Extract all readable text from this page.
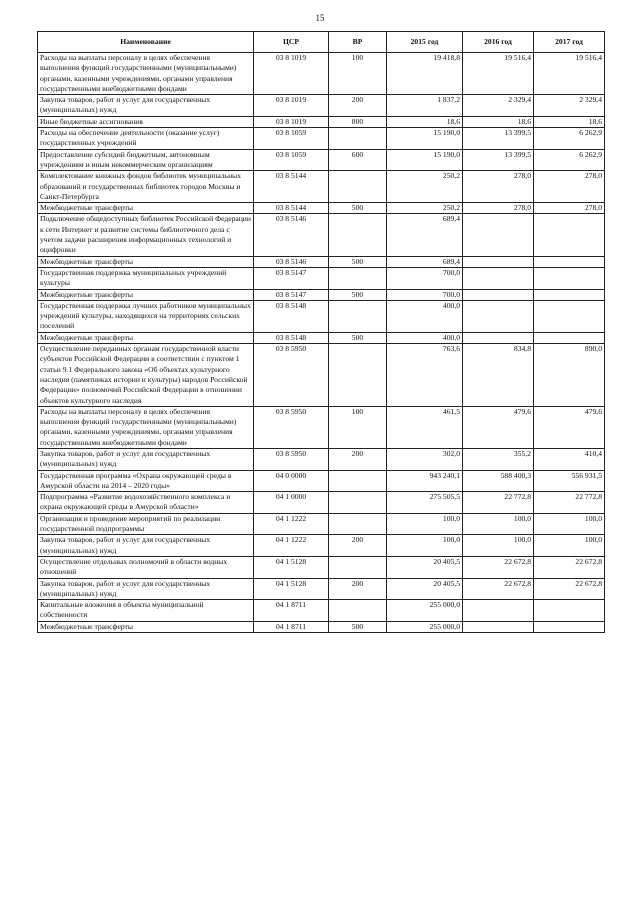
15
Наименование	ЦСР	ВР	2015 год	2016 год	2017 год
Расходы на выплаты персоналу в целях обеспечения выполнения функций государственными (муниципальными) органами, казенными учреждениями, органами управления государственными внебюджетными фондами	03 8 1019	100	19 418,8	19 516,4	19 516,4
Закупка товаров, работ и услуг для государственных (муниципальных) нужд	03 8 1019	200	1 837,2	2 329,4	2 329,4
Иные бюджетные ассигнования	03 8 1019	800	18,6	18,6	18,6
Расходы на обеспечение деятельности (оказание услуг) государственных учреждений	03 8 1059		15 190,0	13 399,5	6 262,9
Предоставление субсидий бюджетным, автономным учреждениям и иным некоммерческим организациям	03 8 1059	600	15 190,0	13 399,5	6 262,9
Комплектование книжных фондов библиотек муниципальных образований и государственных библиотек городов Москвы и Санкт-Петербурга	03 8 5144		250,2	278,0	278,0
Межбюджетные трансферты	03 8 5144	500	250,2	278,0	278,0
Подключение общедоступных библиотек Российской Федерации к сети Интернет и развитие системы библиотечного дела с учетом задачи расширения информационных технологий и оцифровки	03 8 5146		689,4		
Межбюджетные трансферты	03 8 5146	500	689,4		
Государственная поддержка муниципальных учреждений культуры	03 8 5147		700,0		
Межбюджетные трансферты	03 8 5147	500	700,0		
Государственная поддержка лучших работников муниципальных учреждений культуры, находящихся на территориях сельских поселений	03 8 5148		400,0		
Межбюджетные трансферты	03 8 5148	500	400,0		
Осуществление переданных органам государственной власти субъектов Российской Федерации в соответствии с пунктом 1 статьи 9.1 Федерального закона «Об объектах культурного наследия (памятниках истории и культуры) народов Российской Федерации» полномочий Российской Федерации в отношении объектов культурного наследия	03 8 5950		763,6	834,8	890,0
Расходы на выплаты персоналу в целях обеспечения выполнения функций государственными (муниципальными) органами, казенными учреждениями, органами управления государственными внебюджетными фондами	03 8 5950	100	461,5	479,6	479,6
Закупка товаров, работ и услуг для государственных (муниципальных) нужд	03 8 5950	200	302,0	355,2	410,4
Государственная программа «Охрана окружающей среды в Амурской области на 2014 – 2020 годы»	04 0 0000		943 240,1	588 400,3	556 931,5
Подпрограмма «Развитие водохозяйственного комплекса и охрана окружающей среды в Амурской области»	04 1 0000		275 505,5	22 772,8	22 772,8
Организация и проведение мероприятий по реализации государственной подпрограммы	04 1 1222		100,0	100,0	100,0
Закупка товаров, работ и услуг для государственных (муниципальных) нужд	04 1 1222	200	100,0	100,0	100,0
Осуществление отдельных полномочий в области водных отношений	04 1 5128		20 405,5	22 672,8	22 672,8
Закупка товаров, работ и услуг для государственных (муниципальных) нужд	04 1 5128	200	20 405,5	22 672,8	22 672,8
Капитальные вложения в объекты муниципальной собственности	04 1 8711		255 000,0		
Межбюджетные трансферты	04 1 8711	500	255 000,0		
